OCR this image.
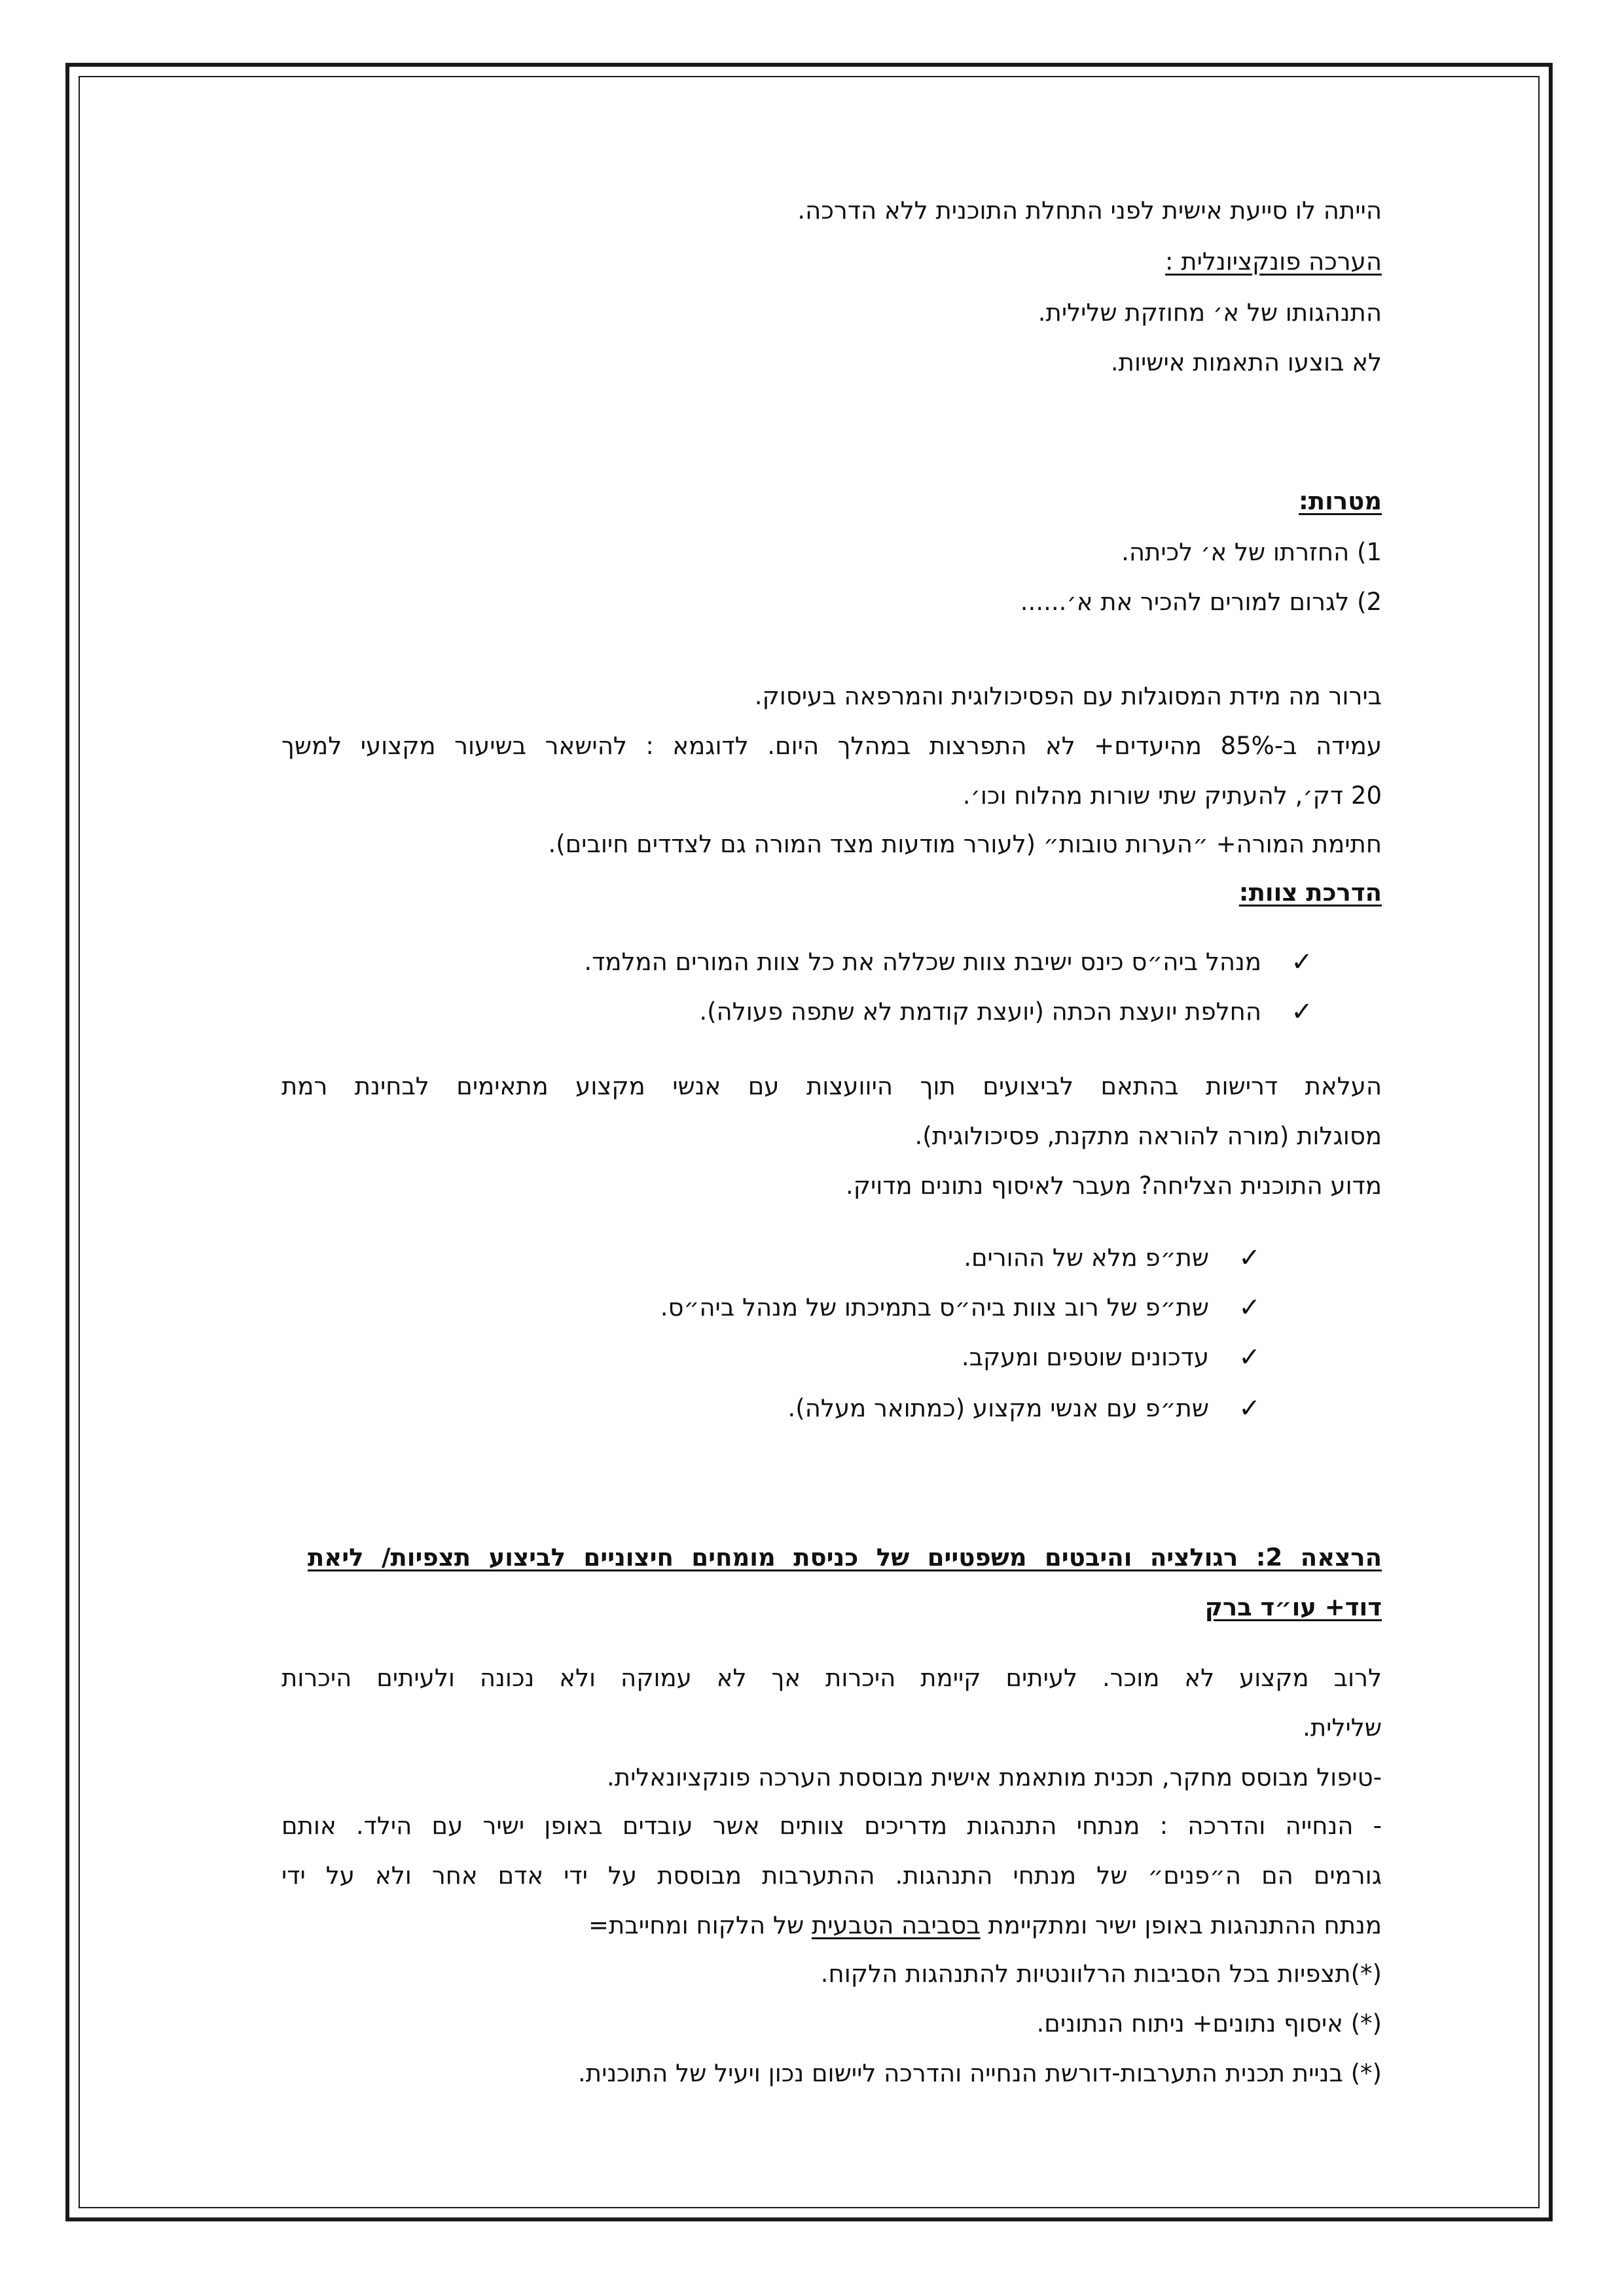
הייתה לו סייעת אישית לפני התחלת התוכנית ללא הדרכה.
הערכה פונקציונלית :
התנהגותו של א׳ מחוזקת שלילית.
לא בוצעו התאמות אישיות.
מטרות:
1) החזרתו של א׳ לכיתה.
2) לגרום למורים להכיר את א׳......
בירור מה מידת המסוגלות עם הפסיכולוגית והמרפאה בעיסוק.
עמידה ב-85% מהיעדים+ לא התפרצות במהלך היום. לדוגמא : להישאר בשיעור מקצועי למשך
20 דק׳, להעתיק שתי שורות מהלוח וכו׳.
חתימת המורה+ ״הערות טובות״ (לעורר מודעות מצד המורה גם לצדדים חיובים).
הדרכת צוות:
✓
מנהל ביה״ס כינס ישיבת צוות שכללה את כל צוות המורים המלמד.
✓
החלפת יועצת הכתה (יועצת קודמת לא שתפה פעולה).
העלאת דרישות בהתאם לביצועים תוך היוועצות עם אנשי מקצוע מתאימים לבחינת רמת
מסוגלות (מורה להוראה מתקנת, פסיכולוגית).
מדוע התוכנית הצליחה? מעבר לאיסוף נתונים מדויק.
✓
שת״פ מלא של ההורים.
✓
שת״פ של רוב צוות ביה״ס בתמיכתו של מנהל ביה״ס.
✓
עדכונים שוטפים ומעקב.
✓
שת״פ עם אנשי מקצוע (כמתואר מעלה).
הרצאה 2: רגולציה והיבטים משפטיים של כניסת מומחים חיצוניים לביצוע תצפיות/ ליאת
דוד+ עו״ד ברק
לרוב מקצוע לא מוכר. לעיתים קיימת היכרות אך לא עמוקה ולא נכונה ולעיתים היכרות
שלילית.
-טיפול מבוסס מחקר, תכנית מותאמת אישית מבוססת הערכה פונקציונאלית.
- הנחייה והדרכה : מנתחי התנהגות מדריכים צוותים אשר עובדים באופן ישיר עם הילד. אותם
גורמים הם ה״פנים״ של מנתחי התנהגות. ההתערבות מבוססת על ידי אדם אחר ולא על ידי
מנתח ההתנהגות באופן ישיר ומתקיימת בסביבה הטבעית של הלקוח ומחייבת=
(*)תצפיות בכל הסביבות הרלוונטיות להתנהגות הלקוח.
(*) איסוף נתונים+ ניתוח הנתונים.
(*) בניית תכנית התערבות-דורשת הנחייה והדרכה ליישום נכון ויעיל של התוכנית.
